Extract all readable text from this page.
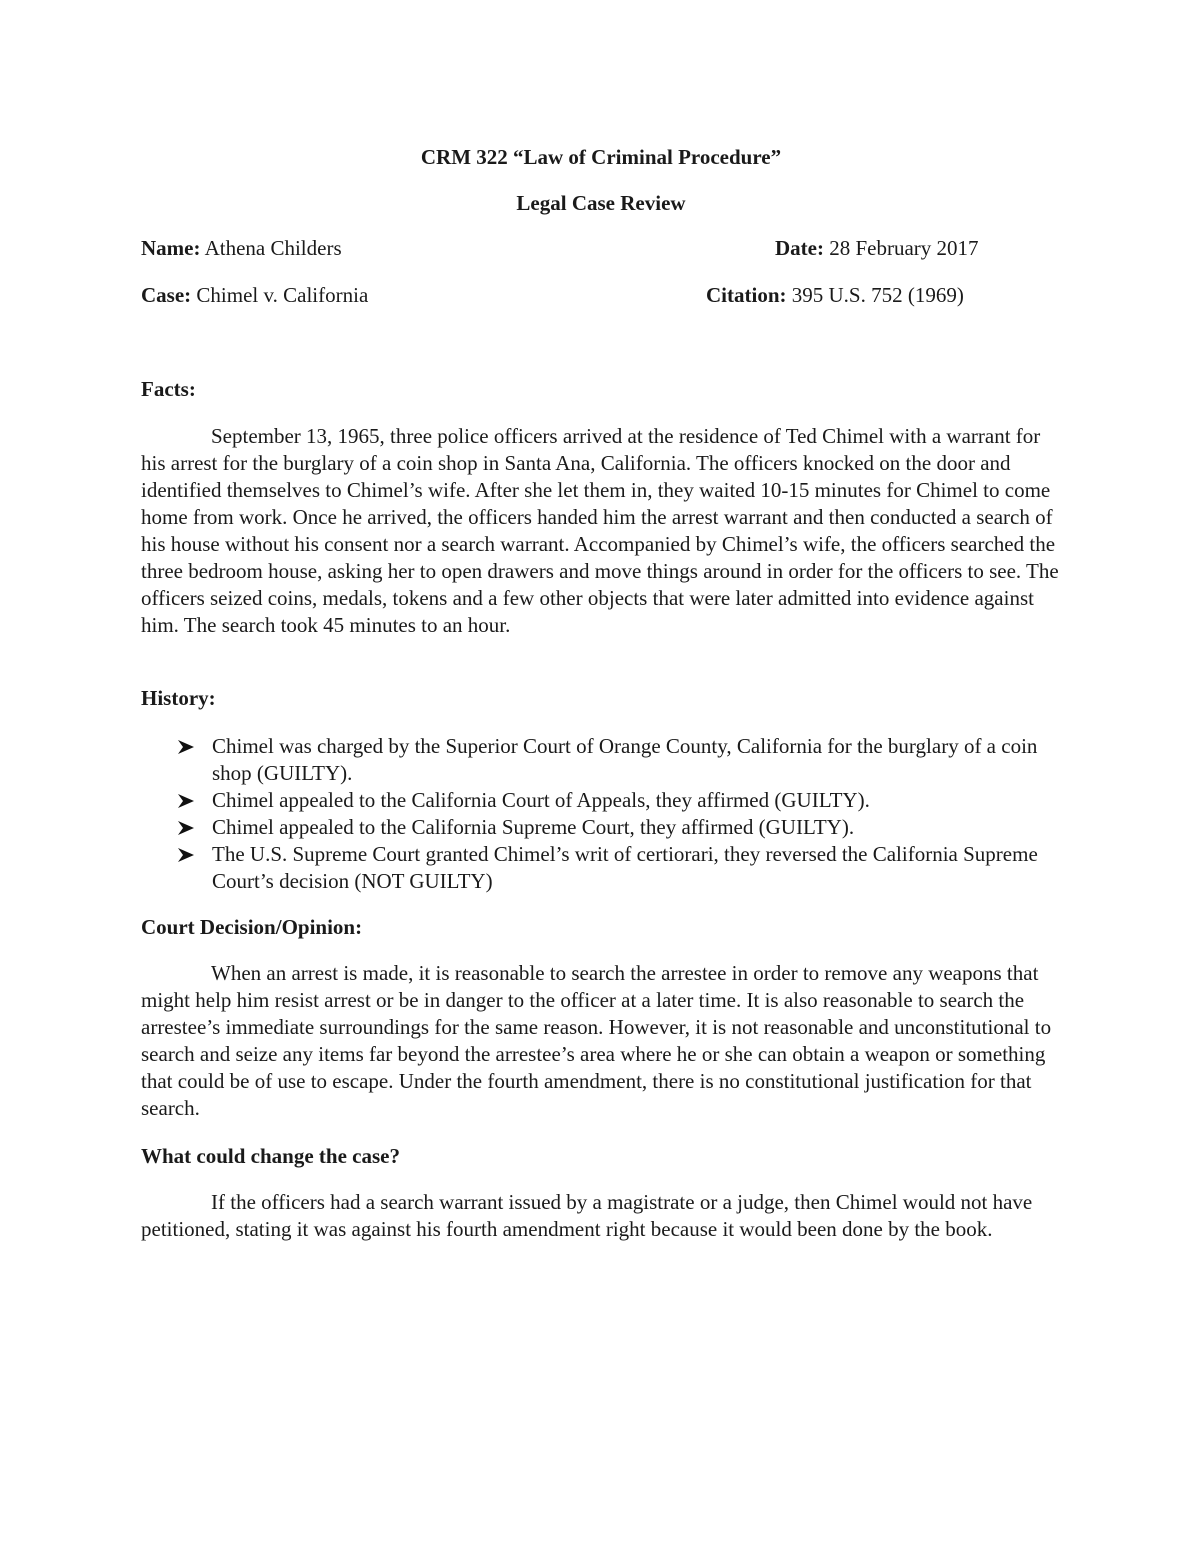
CRM 322 “Law of Criminal Procedure”
Legal Case Review
Name: Athena Childers	Date: 28 February 2017
Case: Chimel v. California	Citation: 395 U.S. 752 (1969)
Facts:
September 13, 1965, three police officers arrived at the residence of Ted Chimel with a warrant for his arrest for the burglary of a coin shop in Santa Ana, California. The officers knocked on the door and identified themselves to Chimel’s wife. After she let them in, they waited 10-15 minutes for Chimel to come home from work. Once he arrived, the officers handed him the arrest warrant and then conducted a search of his house without his consent nor a search warrant. Accompanied by Chimel’s wife, the officers searched the three bedroom house, asking her to open drawers and move things around in order for the officers to see. The officers seized coins, medals, tokens and a few other objects that were later admitted into evidence against him. The search took 45 minutes to an hour.
History:
Chimel was charged by the Superior Court of Orange County, California for the burglary of a coin shop (GUILTY).
Chimel appealed to the California Court of Appeals, they affirmed (GUILTY).
Chimel appealed to the California Supreme Court, they affirmed (GUILTY).
The U.S. Supreme Court granted Chimel’s writ of certiorari, they reversed the California Supreme Court’s decision (NOT GUILTY)
Court Decision/Opinion:
When an arrest is made, it is reasonable to search the arrestee in order to remove any weapons that might help him resist arrest or be in danger to the officer at a later time. It is also reasonable to search the arrestee’s immediate surroundings for the same reason. However, it is not reasonable and unconstitutional to search and seize any items far beyond the arrestee’s area where he or she can obtain a weapon or something that could be of use to escape. Under the fourth amendment, there is no constitutional justification for that search.
What could change the case?
If the officers had a search warrant issued by a magistrate or a judge, then Chimel would not have petitioned, stating it was against his fourth amendment right because it would been done by the book.
